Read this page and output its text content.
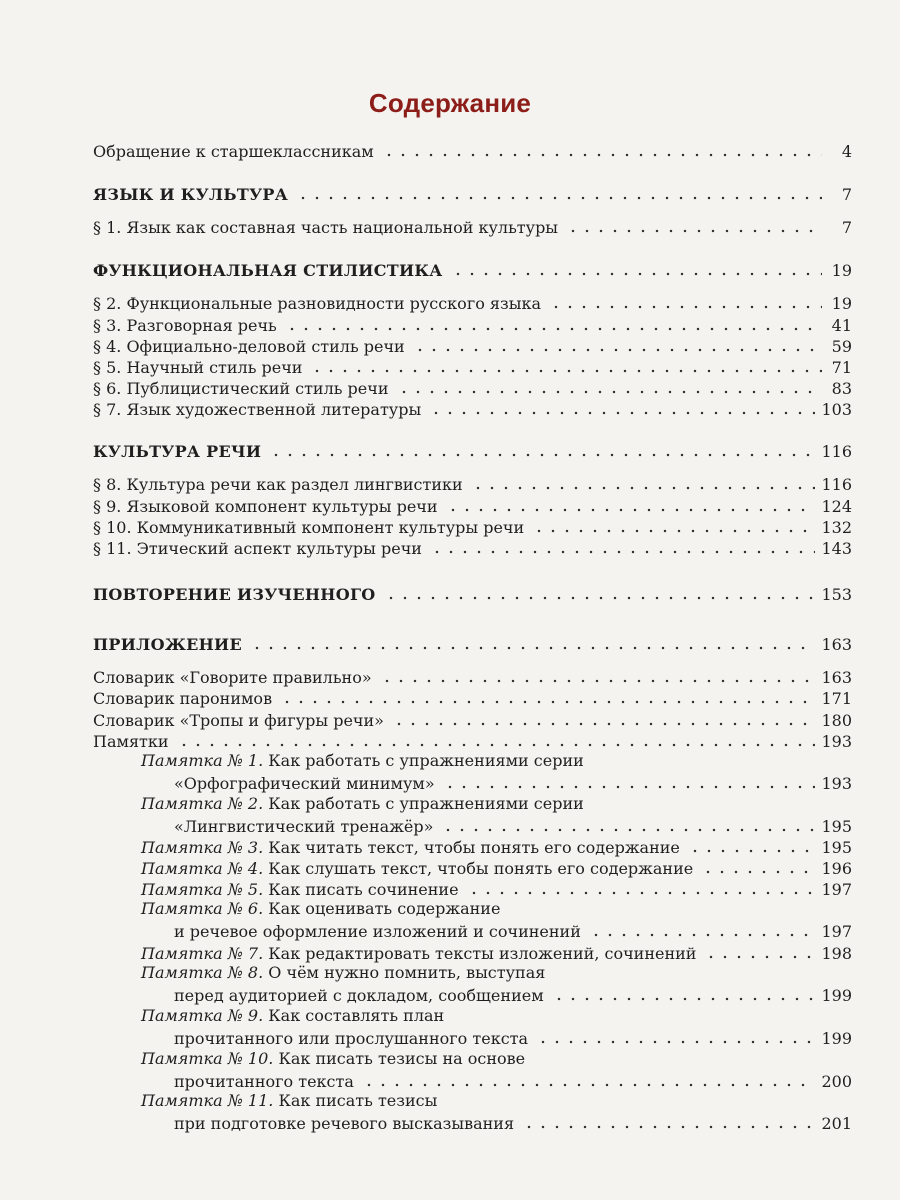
Содержание
Обращение к старшеклассникам	4
ЯЗЫК И КУЛЬТУРА	7
§ 1. Язык как составная часть национальной культуры	7
ФУНКЦИОНАЛЬНАЯ СТИЛИСТИКА	19
§ 2. Функциональные разновидности русского языка	19
§ 3. Разговорная речь	41
§ 4. Официально-деловой стиль речи	59
§ 5. Научный стиль речи	71
§ 6. Публицистический стиль речи	83
§ 7. Язык художественной литературы	103
КУЛЬТУРА РЕЧИ	116
§ 8. Культура речи как раздел лингвистики	116
§ 9. Языковой компонент культуры речи	124
§ 10. Коммуникативный компонент культуры речи	132
§ 11. Этический аспект культуры речи	143
ПОВТОРЕНИЕ ИЗУЧЕННОГО	153
ПРИЛОЖЕНИЕ	163
Словарик «Говорите правильно»	163
Словарик паронимов	171
Словарик «Тропы и фигуры речи»	180
Памятки	193
Памятка № 1. Как работать с упражнениями серии
«Орфографический минимум»	193
Памятка № 2. Как работать с упражнениями серии
«Лингвистический тренажёр»	195
Памятка № 3. Как читать текст, чтобы понять его содержание	195
Памятка № 4. Как слушать текст, чтобы понять его содержание	196
Памятка № 5. Как писать сочинение	197
Памятка № 6. Как оценивать содержание
и речевое оформление изложений и сочинений	197
Памятка № 7. Как редактировать тексты изложений, сочинений	198
Памятка № 8. О чём нужно помнить, выступая
перед аудиторией с докладом, сообщением	199
Памятка № 9. Как составлять план
прочитанного или прослушанного текста	199
Памятка № 10. Как писать тезисы на основе
прочитанного текста	200
Памятка № 11. Как писать тезисы
при подготовке речевого высказывания	201
